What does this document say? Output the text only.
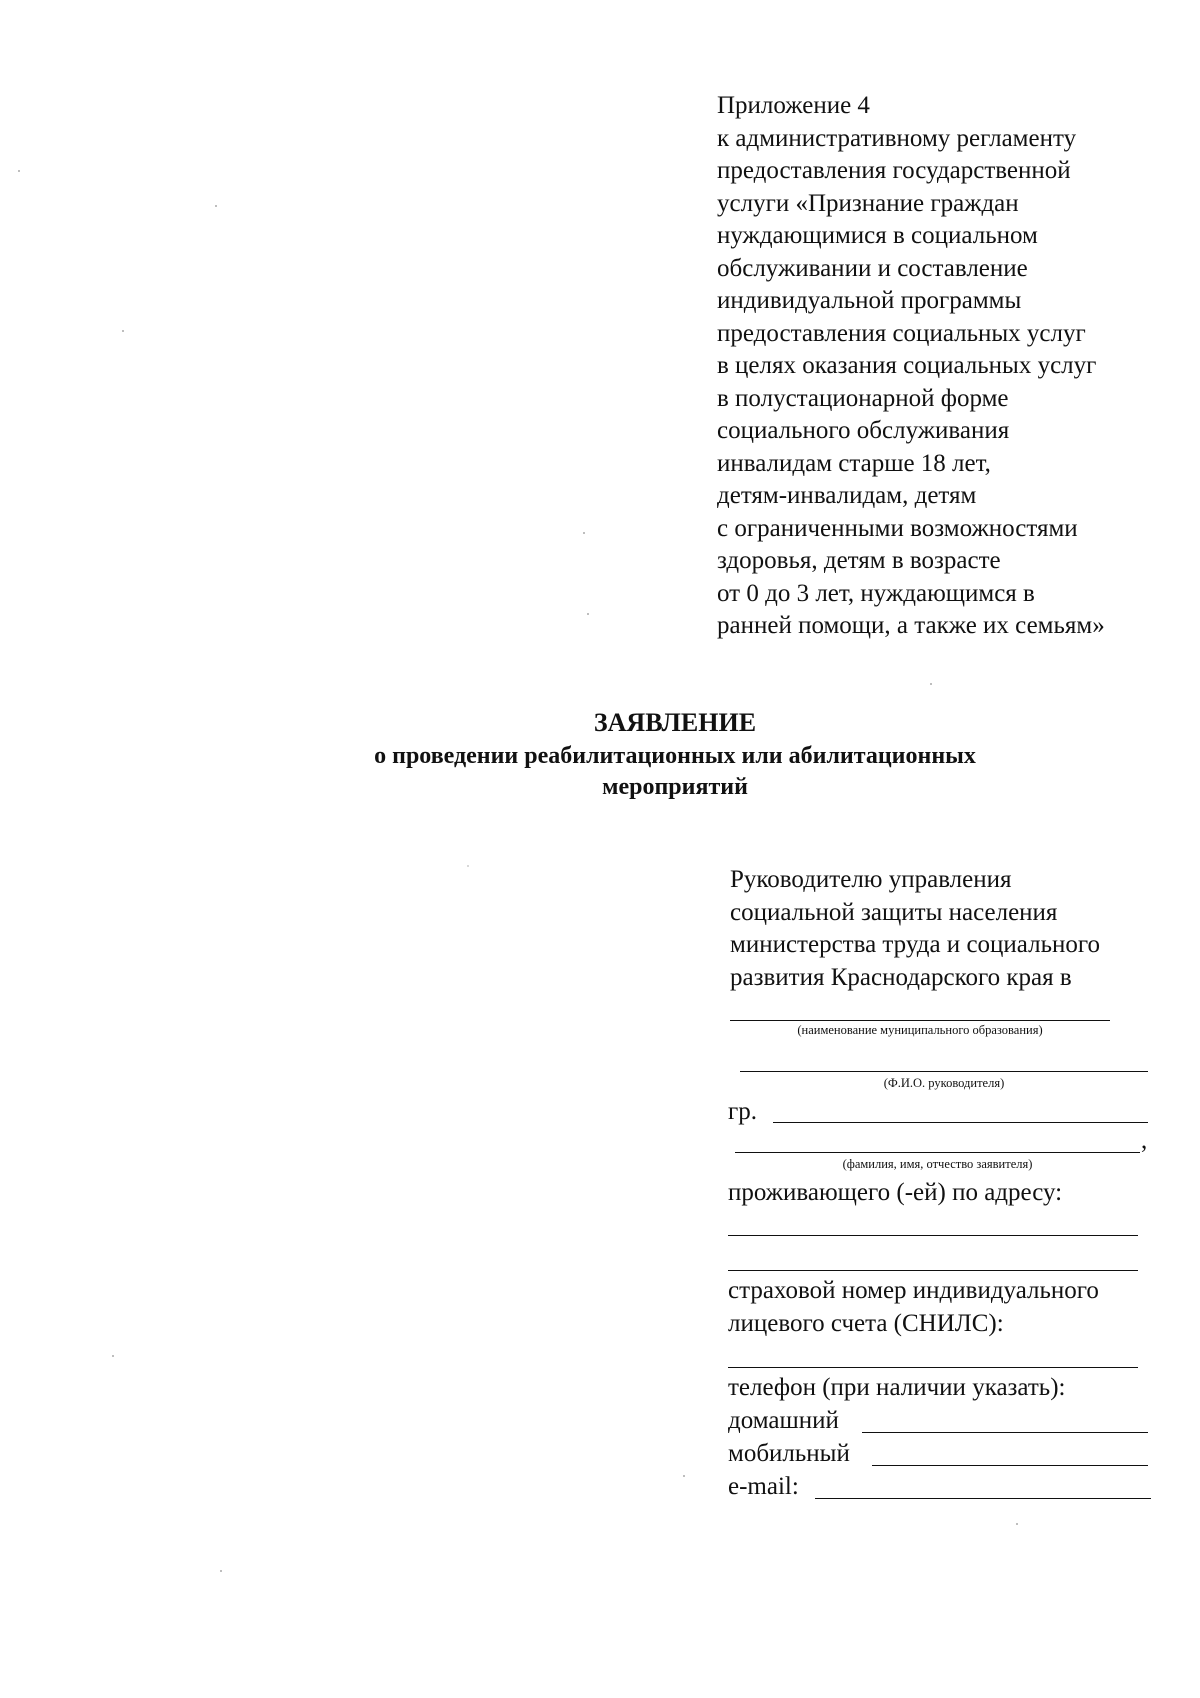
Приложение 4
к административному регламенту
предоставления государственной
услуги «Признание граждан
нуждающимися в социальном
обслуживании и составление
индивидуальной программы
предоставления социальных услуг
в целях оказания социальных услуг
в полустационарной форме
социального обслуживания
инвалидам старше 18 лет,
детям-инвалидам, детям
с ограниченными возможностями
здоровья, детям в возрасте
от 0 до 3 лет, нуждающимся в
ранней помощи, а также их семьям»
ЗАЯВЛЕНИЕ
о проведении реабилитационных или абилитационных
мероприятий
Руководителю управления
социальной защиты населения
министерства труда и социального
развития Краснодарского края в
(наименование муниципального образования)
(Ф.И.О. руководителя)
гр.
,
(фамилия, имя, отчество заявителя)
проживающего (-ей) по адресу:
страховой номер индивидуального
лицевого счета (СНИЛС):
телефон (при наличии указать):
домашний
мобильный
e-mail:
